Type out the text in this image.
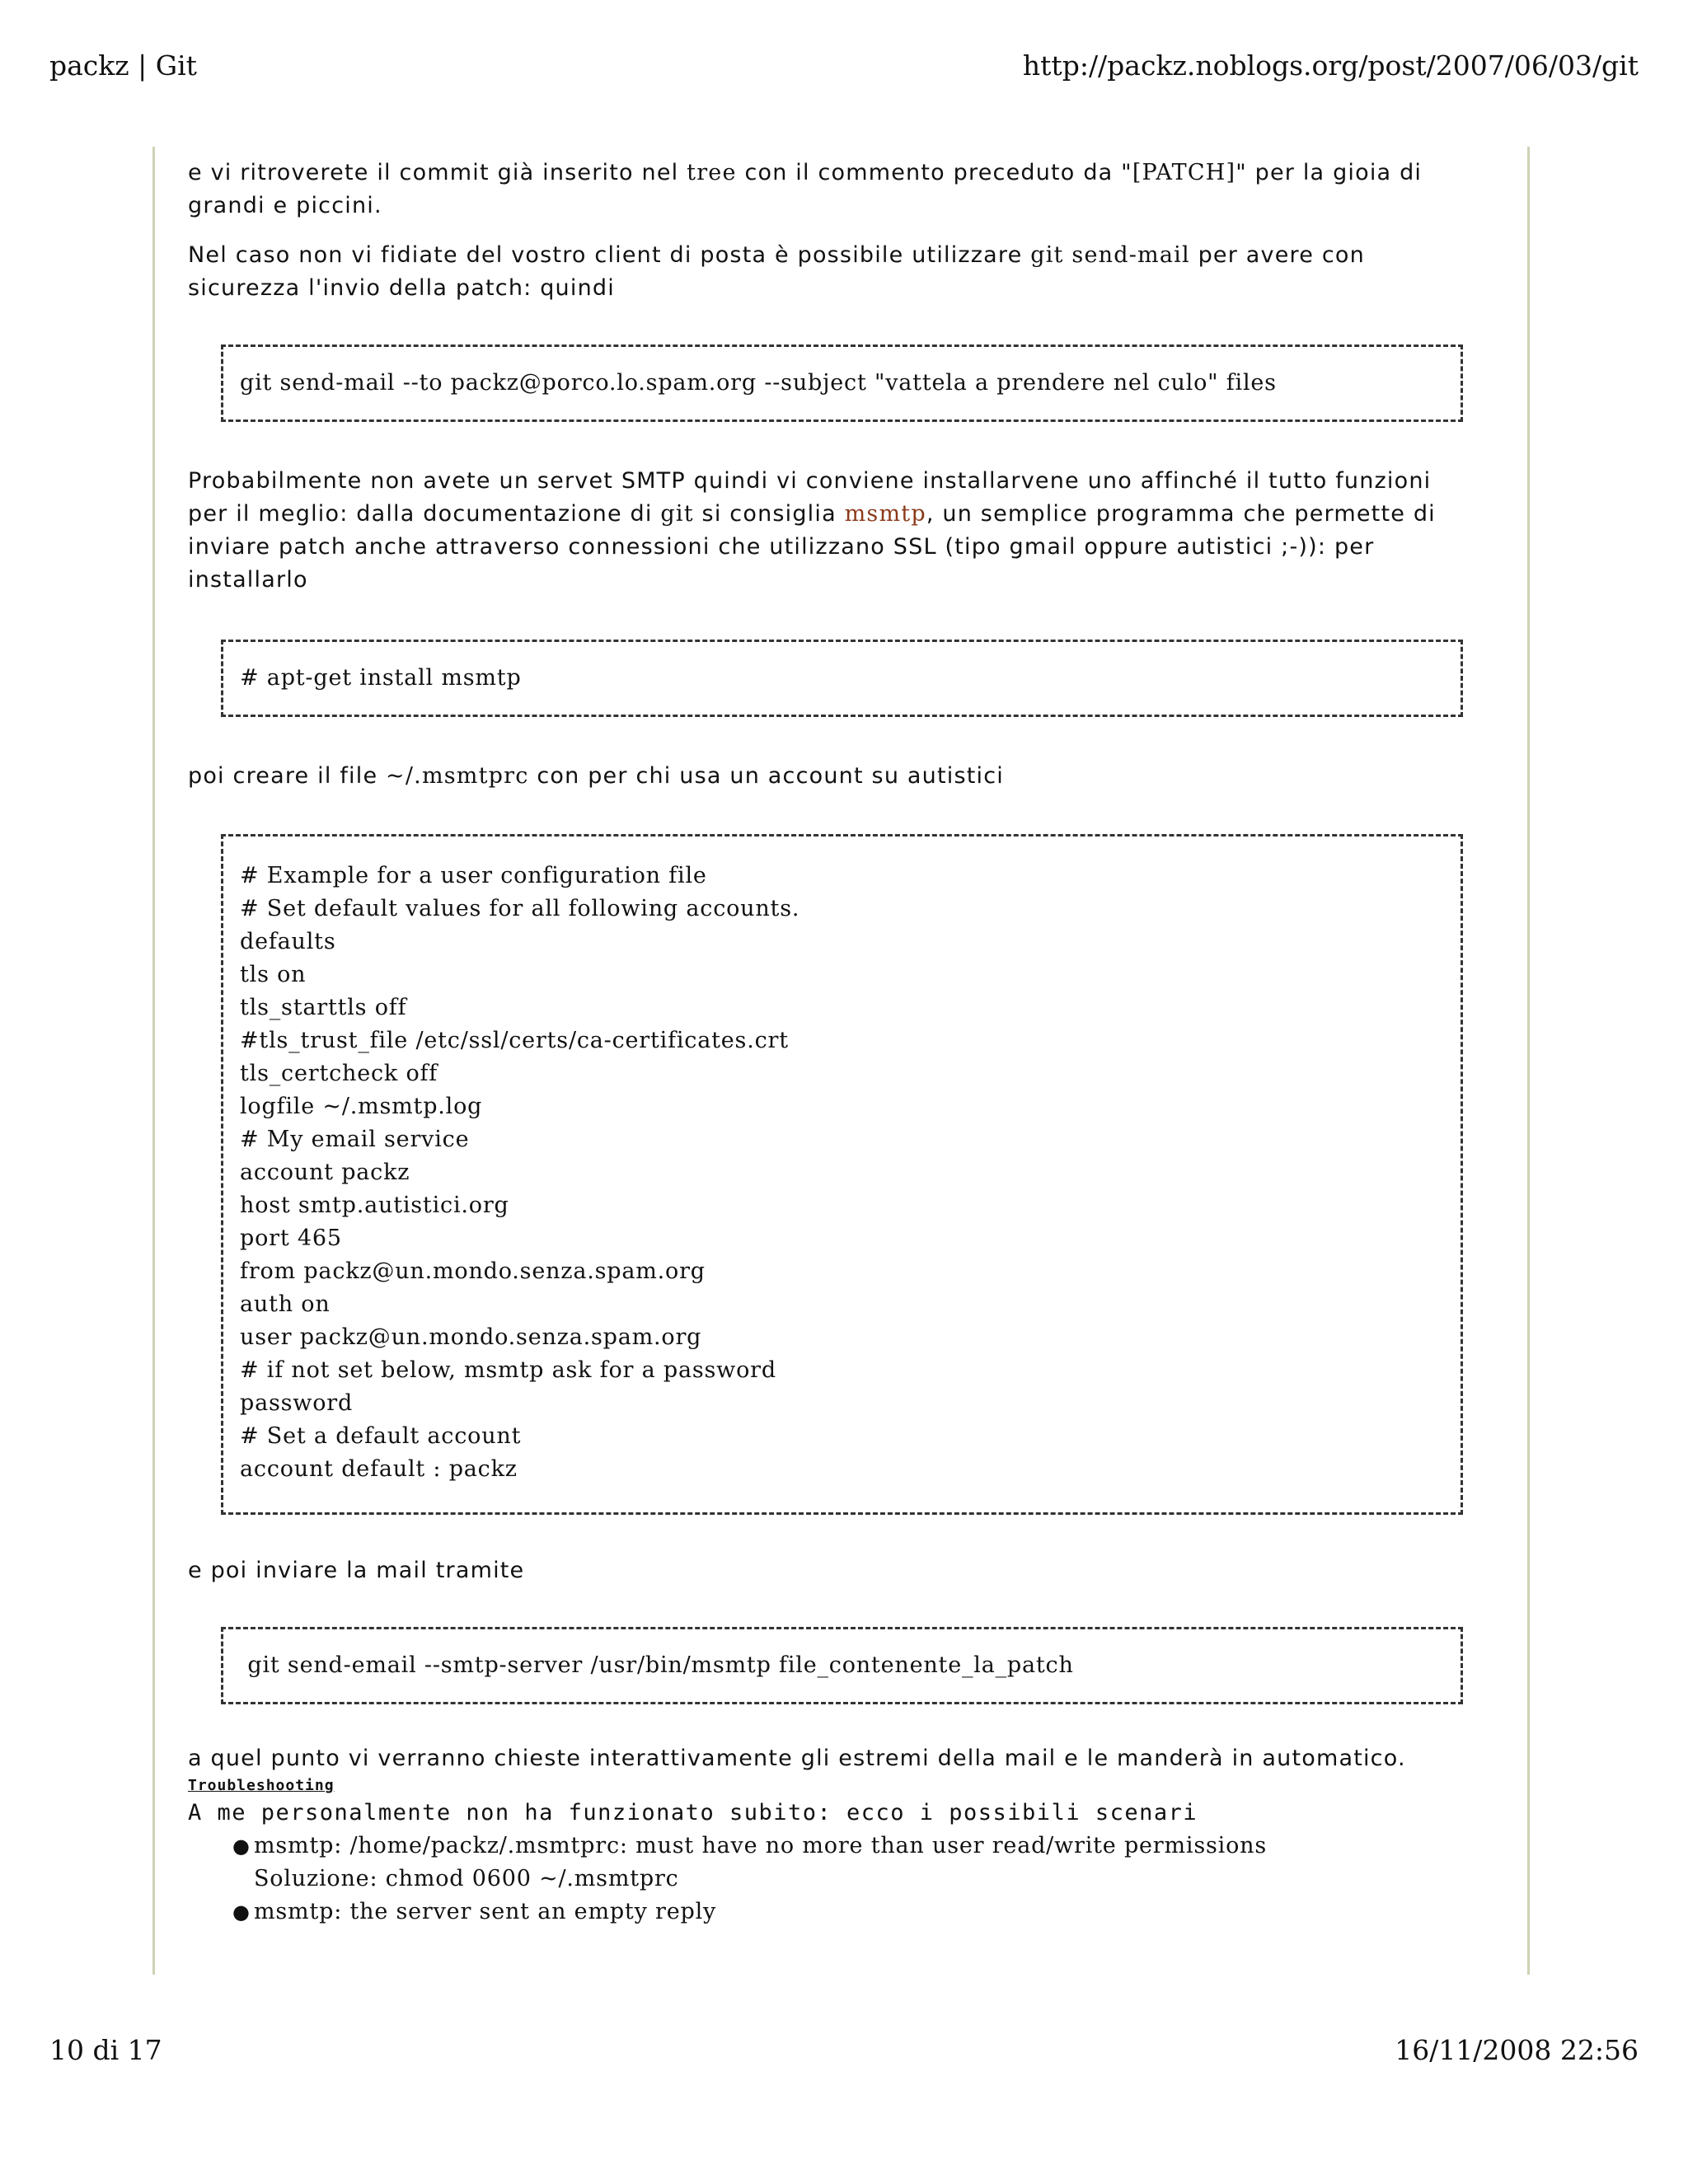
packz | Git	http://packz.noblogs.org/post/2007/06/03/git

e vi ritroverete il commit già inserito nel tree con il commento preceduto da "[PATCH]" per la gioia di grandi e piccini.

Nel caso non vi fidiate del vostro client di posta è possibile utilizzare git send-mail per avere con sicurezza l'invio della patch: quindi

git send-mail --to packz@porco.lo.spam.org --subject "vattela a prendere nel culo" files

Probabilmente non avete un servet SMTP quindi vi conviene installarvene uno affinché il tutto funzioni per il meglio: dalla documentazione di git si consiglia msmtp, un semplice programma che permette di inviare patch anche attraverso connessioni che utilizzano SSL (tipo gmail oppure autistici ;-)): per installarlo

# apt-get install msmtp

poi creare il file ~/.msmtprc con per chi usa un account su autistici

# Example for a user configuration file
# Set default values for all following accounts.
defaults
tls on
tls_starttls off
#tls_trust_file /etc/ssl/certs/ca-certificates.crt
tls_certcheck off
logfile ~/.msmtp.log
# My email service
account packz
host smtp.autistici.org
port 465
from packz@un.mondo.senza.spam.org
auth on
user packz@un.mondo.senza.spam.org
# if not set below, msmtp ask for a password
password
# Set a default account
account default : packz

e poi inviare la mail tramite

git send-email --smtp-server /usr/bin/msmtp file_contenente_la_patch

a quel punto vi verranno chieste interattivamente gli estremi della mail e le manderà in automatico.

Troubleshooting
A me personalmente non ha funzionato subito: ecco i possibili scenari
● msmtp: /home/packz/.msmtprc: must have no more than user read/write permissions
Soluzione: chmod 0600 ~/.msmtprc
● msmtp: the server sent an empty reply
10 di 17	16/11/2008 22:56
